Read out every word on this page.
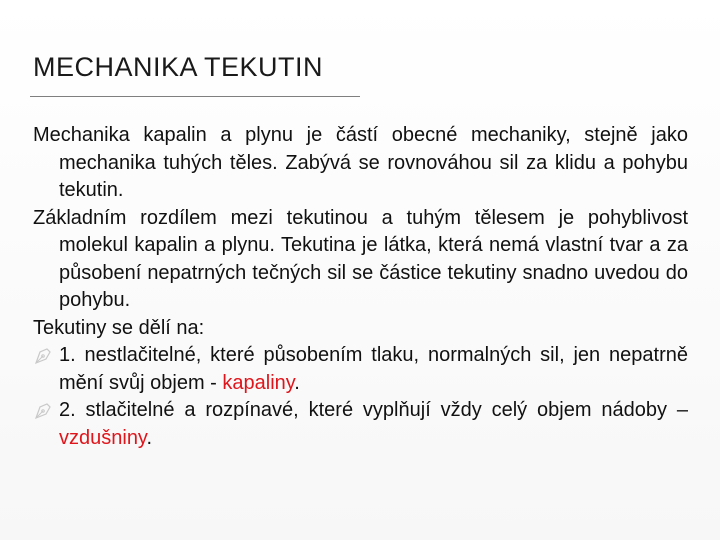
MECHANIKA TEKUTIN

Mechanika kapalin a plynu je částí obecné mechaniky, stejně jako mechanika tuhých těles. Zabývá se rovnováhou sil za klidu a pohybu tekutin.

Základním rozdílem mezi tekutinou a tuhým tělesem je pohyblivost molekul kapalin a plynu. Tekutina je látka, která nemá vlastní tvar a za působení nepatrných tečných sil se částice tekutiny snadno uvedou do pohybu.

Tekutiny se dělí na:

1. nestlačitelné, které působením tlaku, normalných sil, jen nepatrně mění svůj objem - kapaliny.

2. stlačitelné a rozpínavé, které vyplňují vždy celý objem nádoby – vzdušniny.
